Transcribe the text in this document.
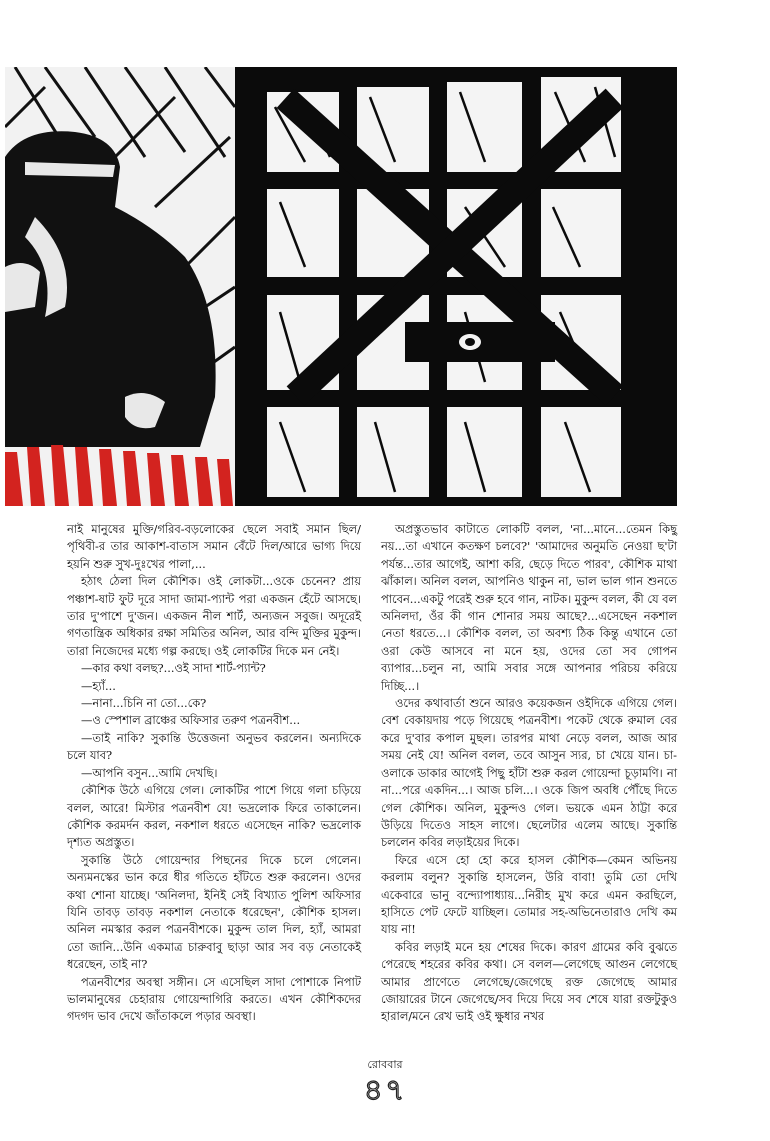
নাই মানুষের মুক্তি/গরিব-বড়লোকের ছেলে সবাই সমান ছিল/পৃথিবী-র তার আকাশ-বাতাস সমান বেঁটে দিল/আরে ভাগ্য দিয়ে হয়নি শুরু সুখ-দুঃখের পালা,...

হঠাৎ ঠেলা দিল কৌশিক। ওই লোকটা...ওকে চেনেন? প্রায় পঞ্চাশ-ষাট ফুট দূরে সাদা জামা-প্যান্ট পরা একজন হেঁটে আসছে। তার দু'পাশে দু'জন। একজন নীল শার্ট, অন্যজন সবুজ। অদূরেই গণতান্ত্রিক অধিকার রক্ষা সমিতির অনিল, আর বন্দি মুক্তির মুকুন্দ। তারা নিজেদের মধ্যে গল্প করছে। ওই লোকটির দিকে মন নেই।

—কার কথা বলছ?...ওই সাদা শার্ট-প্যান্ট?

—হ্যাঁ...

—নানা...চিনি না তো...কে?

—ও স্পেশাল ব্রাঞ্চের অফিসার তরুণ পত্রনবীশ...

—তাই নাকি? সুকান্তি উত্তেজনা অনুভব করলেন। অন্যদিকে চলে যাব?

—আপনি বসুন...আমি দেখছি।

কৌশিক উঠে এগিয়ে গেল। লোকটির পাশে গিয়ে গলা চড়িয়ে বলল, আরে! মিস্টার পত্রনবীশ যে! ভদ্রলোক ফিরে তাকালেন। কৌশিক করমর্দন করল, নকশাল ধরতে এসেছেন নাকি? ভদ্রলোক দৃশ্যত অপ্রস্তুত।

সুকান্তি উঠে গোয়েন্দার পিছনের দিকে চলে গেলেন। অন্যমনস্কের ভান করে ধীর গতিতে হাঁটতে শুরু করলেন। ওদের কথা শোনা যাচ্ছে। 'অনিলদা, ইনিই সেই বিখ্যাত পুলিশ অফিসার যিনি তাবড় তাবড় নকশাল নেতাকে ধরেছেন', কৌশিক হাসল। অনিল নমস্কার করল পত্রনবীশকে। মুকুন্দ তাল দিল, হ্যাঁ, আমরা তো জানি...উনি একমাত্র চারুবাবু ছাড়া আর সব বড় নেতাকেই ধরেছেন, তাই না?

পত্রনবীশের অবস্থা সঙ্গীন। সে এসেছিল সাদা পোশাকে নিপাট ভালমানুষের চেহারায় গোয়েন্দাগিরি করতে। এখন কৌশিকদের গদগদ ভাব দেখে জাঁতাকলে পড়ার অবস্থা।

অপ্রস্তুতভাব কাটাতে লোকটি বলল, 'না...মানে...তেমন কিছু নয়...তা এখানে কতক্ষণ চলবে?' 'আমাদের অনুমতি নেওয়া ছ'টা পর্যন্ত...তার আগেই, আশা করি, ছেড়ে দিতে পারব', কৌশিক মাথা ঝাঁকাল। অনিল বলল, আপনিও থাকুন না, ভাল ভাল গান শুনতে পাবেন...একটু পরেই শুরু হবে গান, নাটক। মুকুন্দ বলল, কী যে বল অনিলদা, ওঁর কী গান শোনার সময় আছে?...এসেছেন নকশাল নেতা ধরতে...। কৌশিক বলল, তা অবশ্য ঠিক কিন্তু এখানে তো ওরা কেউ আসবে না মনে হয়, ওদের তো সব গোপন ব্যাপার...চলুন না, আমি সবার সঙ্গে আপনার পরিচয় করিয়ে দিচ্ছি...।

ওদের কথাবার্তা শুনে আরও কয়েকজন ওইদিকে এগিয়ে গেল। বেশ বেকায়দায় পড়ে গিয়েছে পত্রনবীশ। পকেট থেকে রুমাল বের করে দু'বার কপাল মুছল। তারপর মাথা নেড়ে বলল, আজ আর সময় নেই যে! অনিল বলল, তবে আসুন স্যর, চা খেয়ে যান। চা-ওলাকে ডাকার আগেই পিছু হাঁটা শুরু করল গোয়েন্দা চূড়ামণি। না না...পরে একদিন...। আজ চলি...। ওকে জিপ অবধি পৌঁছে দিতে গেল কৌশিক। অনিল, মুকুন্দও গেল। ভয়কে এমন ঠাট্টা করে উড়িয়ে দিতেও সাহস লাগে। ছেলেটার এলেম আছে। সুকান্তি চললেন কবির লড়াইয়ের দিকে।

ফিরে এসে হো হো করে হাসল কৌশিক—কেমন অভিনয় করলাম বলুন? সুকান্তি হাসলেন, উরি বাবা! তুমি তো দেখি একেবারে ভানু বন্দ্যোপাধ্যায়...নিরীহ মুখ করে এমন করছিলে, হাসিতে পেট ফেটে যাচ্ছিল। তোমার সহ-অভিনেতারাও দেখি কম যায় না!

কবির লড়াই মনে হয় শেষের দিকে। কারণ গ্রামের কবি বুঝতে পেরেছে শহরের কবির কথা। সে বলল—লেগেছে আগুন লেগেছে আমার প্রাণেতে লেগেছে/জেগেছে রক্ত জেগেছে আমার জোয়ারের টানে জেগেছে/সব দিয়ে দিয়ে সব শেষে যারা রক্তটুকুও হারাল/মনে রেখ ভাই ওই ক্ষুধার নখর

রোববার
৪৭
